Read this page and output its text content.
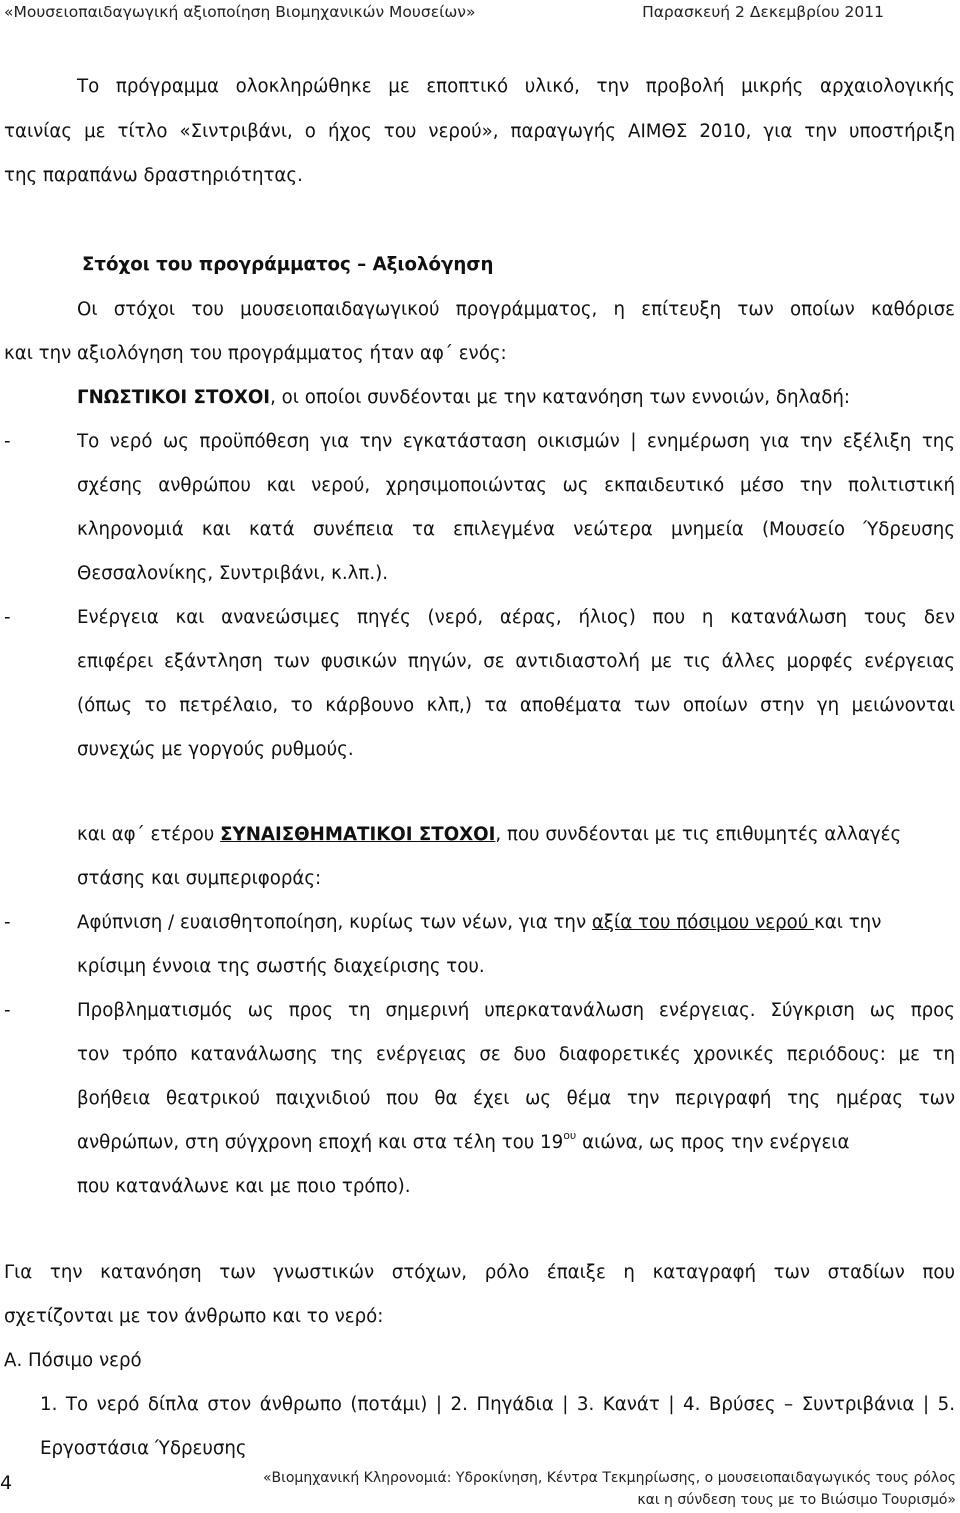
«Μουσειοπαιδαγωγική αξιοποίηση Βιομηχανικών Μουσείων»	Παρασκευή 2 Δεκεμβρίου 2011

Το πρόγραμμα ολοκληρώθηκε με εποπτικό υλικό, την προβολή μικρής αρχαιολογικής

ταινίας με τίτλο «Σιντριβάνι, ο ήχος του νερού», παραγωγής ΑΙΜΘΣ 2010, για την υποστήριξη

της παραπάνω δραστηριότητας.

Στόχοι του προγράμματος – Αξιολόγηση

Οι στόχοι του μουσειοπαιδαγωγικού προγράμματος, η επίτευξη των οποίων καθόρισε

και την αξιολόγηση του προγράμματος ήταν αφ΄ ενός:

ΓΝΩΣΤΙΚΟΙ ΣΤΟΧΟΙ, οι οποίοι συνδέονται με την κατανόηση των εννοιών, δηλαδή:

-	Το νερό ως προϋπόθεση για την εγκατάσταση οικισμών | ενημέρωση για την εξέλιξη της

σχέσης ανθρώπου και νερού, χρησιμοποιώντας ως εκπαιδευτικό μέσο την πολιτιστική

κληρονομιά και κατά συνέπεια τα επιλεγμένα νεώτερα μνημεία (Μουσείο Ύδρευσης

Θεσσαλονίκης, Συντριβάνι, κ.λπ.).

-	Ενέργεια και ανανεώσιμες πηγές (νερό, αέρας, ήλιος) που η κατανάλωση τους δεν

επιφέρει εξάντληση των φυσικών πηγών, σε αντιδιαστολή με τις άλλες μορφές ενέργειας

(όπως το πετρέλαιο, το κάρβουνο κλπ,) τα αποθέματα των οποίων στην γη μειώνονται

συνεχώς με γοργούς ρυθμούς.

και αφ΄ ετέρου ΣΥΝΑΙΣΘΗΜΑΤΙΚΟΙ ΣΤΟΧΟΙ, που συνδέονται με τις επιθυμητές αλλαγές

στάσης και συμπεριφοράς:

-	Αφύπνιση / ευαισθητοποίηση, κυρίως των νέων, για την αξία του πόσιμου νερού και την

κρίσιμη έννοια της σωστής διαχείρισης του.

-	Προβληματισμός ως προς τη σημερινή υπερκατανάλωση ενέργειας. Σύγκριση ως προς

τον τρόπο κατανάλωσης της ενέργειας σε δυο διαφορετικές χρονικές περιόδους: με τη

βοήθεια θεατρικού παιχνιδιού που θα έχει ως θέμα την περιγραφή της ημέρας των

ανθρώπων, στη σύγχρονη εποχή και στα τέλη του $19^{o\upsilon}$ αιώνα, ως προς την ενέργεια

που κατανάλωνε και με ποιο τρόπο).

Για την κατανόηση των γνωστικών στόχων, ρόλο έπαιξε η καταγραφή των σταδίων που

σχετίζονται με τον άνθρωπο και το νερό:

Α. Πόσιμο νερό

1. Το νερό δίπλα στον άνθρωπο (ποτάμι) | 2. Πηγάδια | 3. Κανάτ | 4. Βρύσες – Συντριβάνια | 5.

Εργοστάσια Ύδρευσης

4	«Βιομηχανική Κληρονομιά: Υδροκίνηση, Κέντρα Τεκμηρίωσης, ο μουσειοπαιδαγωγικός τους ρόλος
και η σύνδεση τους με το Βιώσιμο Τουρισμό»
